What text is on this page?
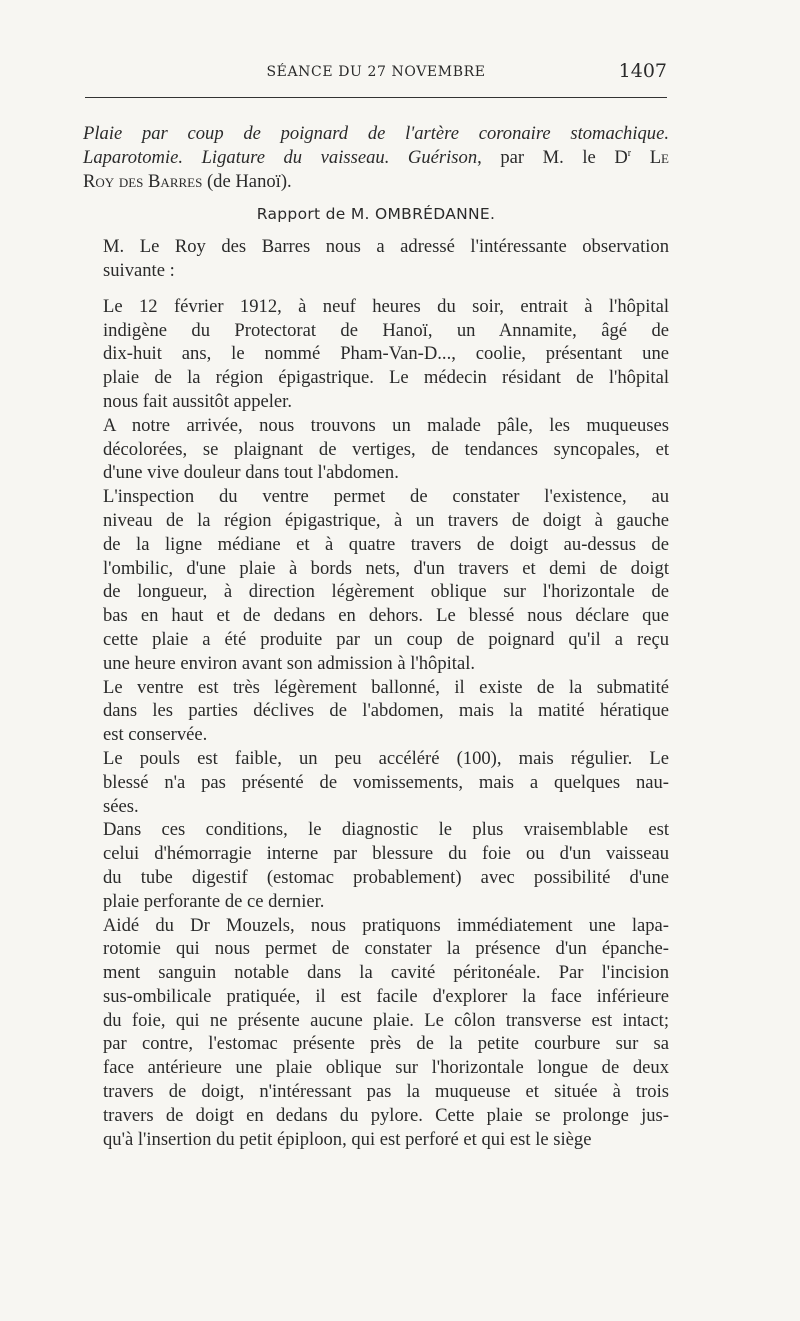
SÉANCE DU 27 NOVEMBRE	1407
Plaie par coup de poignard de l'artère coronaire stomachique.
Laparotomie. Ligature du vaisseau. Guérison, par M. le $D^r$ Le
Roy des Barres (de Hanoï).
Rapport de M. OMBRÉDANNE.
M. Le Roy des Barres nous a adressé l'intéressante observation
suivante :
Le 12 février 1912, à neuf heures du soir, entrait à l'hôpital
indigène du Protectorat de Hanoï, un Annamite, âgé de
dix-huit ans, le nommé Pham-Van-D..., coolie, présentant une
plaie de la région épigastrique. Le médecin résidant de l'hôpital
nous fait aussitôt appeler.
A notre arrivée, nous trouvons un malade pâle, les muqueuses
décolorées, se plaignant de vertiges, de tendances syncopales, et
d'une vive douleur dans tout l'abdomen.
L'inspection du ventre permet de constater l'existence, au
niveau de la région épigastrique, à un travers de doigt à gauche
de la ligne médiane et à quatre travers de doigt au-dessus de
l'ombilic, d'une plaie à bords nets, d'un travers et demi de doigt
de longueur, à direction légèrement oblique sur l'horizontale de
bas en haut et de dedans en dehors. Le blessé nous déclare que
cette plaie a été produite par un coup de poignard qu'il a reçu
une heure environ avant son admission à l'hôpital.
Le ventre est très légèrement ballonné, il existe de la submatité
dans les parties déclives de l'abdomen, mais la matité hératique
est conservée.
Le pouls est faible, un peu accéléré (100), mais régulier. Le
blessé n'a pas présenté de vomissements, mais a quelques nau-
sées.
Dans ces conditions, le diagnostic le plus vraisemblable est
celui d'hémorragie interne par blessure du foie ou d'un vaisseau
du tube digestif (estomac probablement) avec possibilité d'une
plaie perforante de ce dernier.
Aidé du Dr Mouzels, nous pratiquons immédiatement une lapa-
rotomie qui nous permet de constater la présence d'un épanche-
ment sanguin notable dans la cavité péritonéale. Par l'incision
sus-ombilicale pratiquée, il est facile d'explorer la face inférieure
du foie, qui ne présente aucune plaie. Le côlon transverse est intact;
par contre, l'estomac présente près de la petite courbure sur sa
face antérieure une plaie oblique sur l'horizontale longue de deux
travers de doigt, n'intéressant pas la muqueuse et située à trois
travers de doigt en dedans du pylore. Cette plaie se prolonge jus-
qu'à l'insertion du petit épiploon, qui est perforé et qui est le siège
